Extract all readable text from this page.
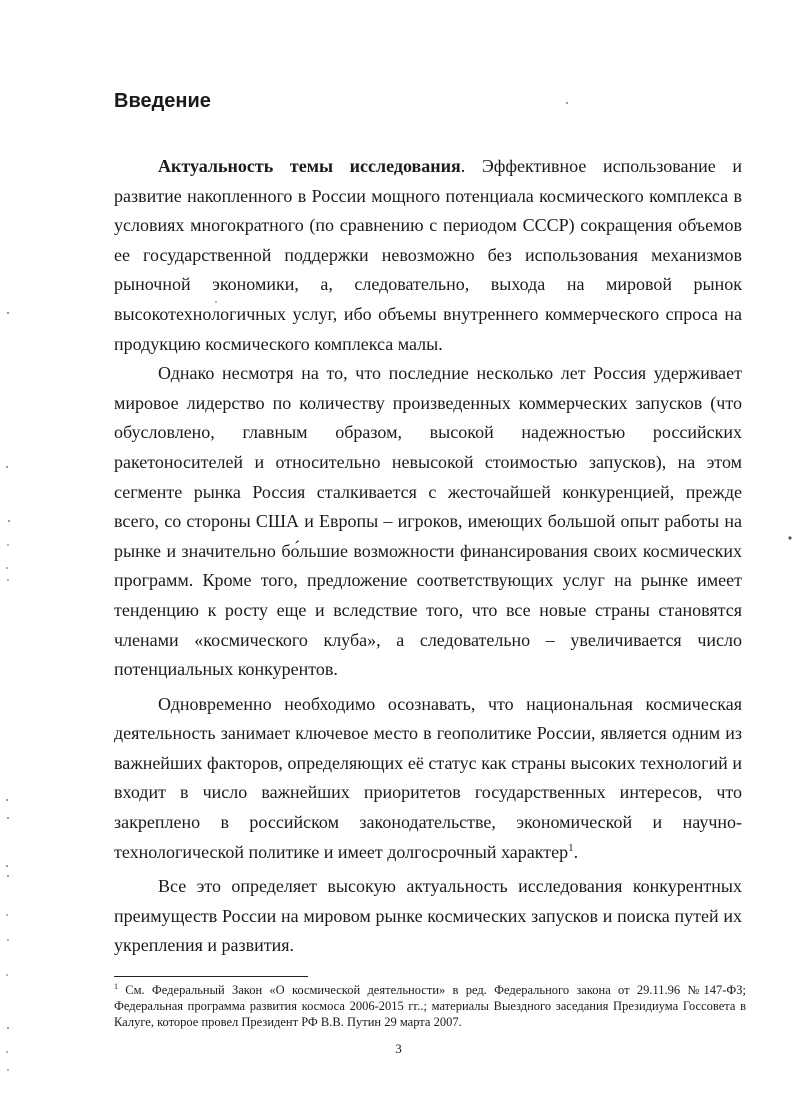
Введение

Актуальность темы исследования. Эффективное использование и развитие накопленного в России мощного потенциала космического комплекса в условиях многократного (по сравнению с периодом СССР) сокращения объемов ее государственной поддержки невозможно без использования механизмов рыночной экономики, а, следовательно, выхода на мировой рынок высокотехнологичных услуг, ибо объемы внутреннего коммерческого спроса на продукцию космического комплекса малы.

Однако несмотря на то, что последние несколько лет Россия удерживает мировое лидерство по количеству произведенных коммерческих запусков (что обусловлено, главным образом, высокой надежностью российских ракетоносителей и относительно невысокой стоимостью запусков), на этом сегменте рынка Россия сталкивается с жесточайшей конкуренцией, прежде всего, со стороны США и Европы – игроков, имеющих большой опыт работы на рынке и значительно бо́льшие возможности финансирования своих космических программ. Кроме того, предложение соответствующих услуг на рынке имеет тенденцию к росту еще и вследствие того, что все новые страны становятся членами «космического клуба», а следовательно – увеличивается число потенциальных конкурентов.

Одновременно необходимо осознавать, что национальная космическая деятельность занимает ключевое место в геополитике России, является одним из важнейших факторов, определяющих её статус как страны высоких технологий и входит в число важнейших приоритетов государственных интересов, что закреплено в российском законодательстве, экономической и научно-технологической политике и имеет долгосрочный характер$^1$.

Все это определяет высокую актуальность исследования конкурентных преимуществ России на мировом рынке космических запусков и поиска путей их укрепления и развития.

$^1$ См. Федеральный Закон «О космической деятельности» в ред. Федерального закона от 29.11.96 №147-ФЗ; Федеральная программа развития космоса 2006-2015 гг..; материалы Выездного заседания Президиума Госсовета в Калуге, которое провел Президент РФ В.В. Путин 29 марта 2007.

3
